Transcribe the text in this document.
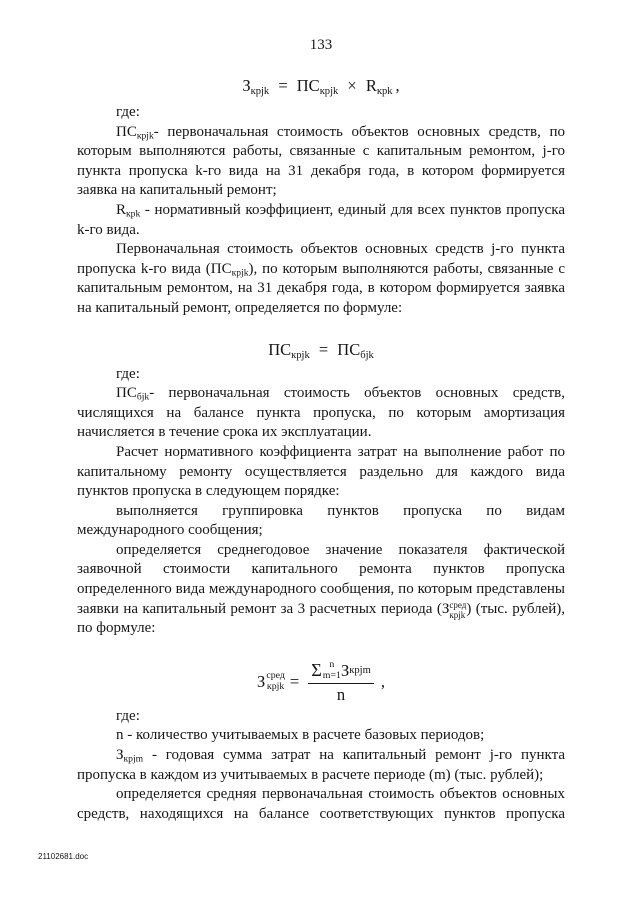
133
$З_{крjk} = ПС_{крjk} \times R_{крk}$ ,

где:

$ПС_{крjk}-$ первоначальная стоимость объектов основных средств, по которым выполняются работы, связанные с капитальным ремонтом, j-го пункта пропуска k-го вида на 31 декабря года, в котором формируется заявка на капитальный ремонт;

$R_{крk}$ - нормативный коэффициент, единый для всех пунктов пропуска k-го вида.

Первоначальная стоимость объектов основных средств j-го пункта пропуска k-го вида $(ПС_{крjk})$, по которым выполняются работы, связанные с капитальным ремонтом, на 31 декабря года, в котором формируется заявка на капитальный ремонт, определяется по формуле:

$ПС_{крjk} = ПС_{бjk}$

где:

$ПС_{бjk}-$ первоначальная стоимость объектов основных средств, числящихся на балансе пункта пропуска, по которым амортизация начисляется в течение срока их эксплуатации.

Расчет нормативного коэффициента затрат на выполнение работ по капитальному ремонту осуществляется раздельно для каждого вида пунктов пропуска в следующем порядке:

выполняется группировка пунктов пропуска по видам международного сообщения;

определяется среднегодовое значение показателя фактической заявочной стоимости капитального ремонта пунктов пропуска определенного вида международного сообщения, по которым представлены заявки на капитальный ремонт за 3 расчетных периода (З сред
крjk ) (тыс. рублей), по формуле:

З сред
крjk =
Σ n
m=1 З крjm
n
,

где:

n - количество учитываемых в расчете базовых периодов;

$З_{крjm}$ - годовая сумма затрат на капитальный ремонт j-го пункта пропуска в каждом из учитываемых в расчете периоде (m) (тыс. рублей);

определяется средняя первоначальная стоимость объектов основных средств, находящихся на балансе соответствующих пунктов пропуска

21102681.doc
